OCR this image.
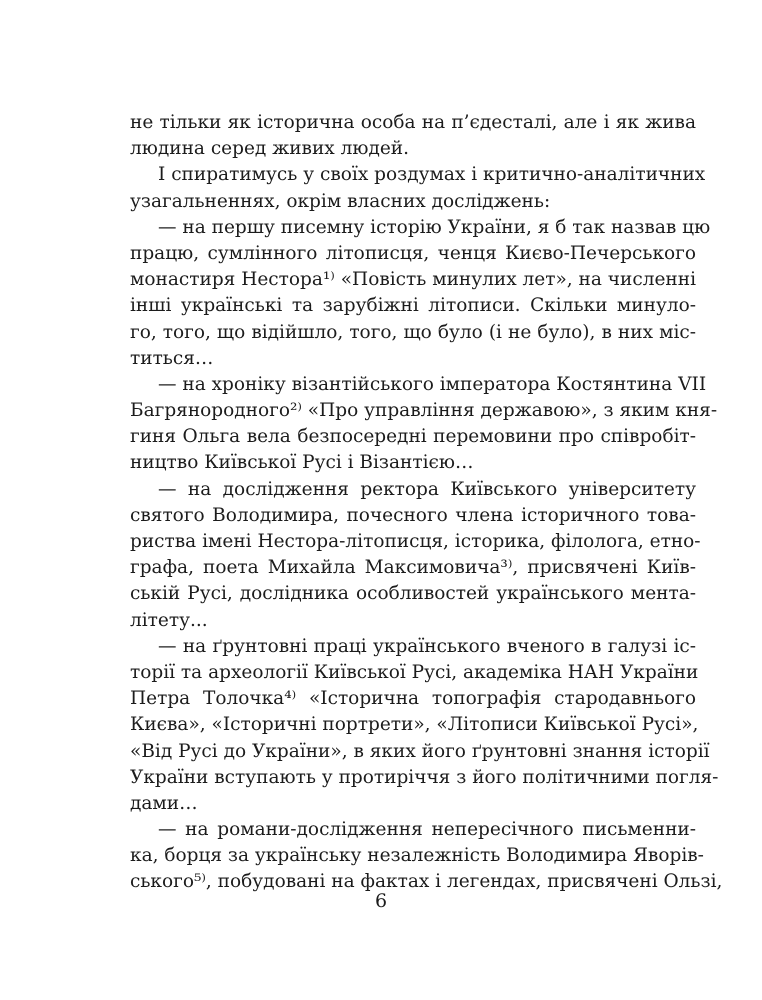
не тільки як історична особа на п’єдесталі, але і як жива
людина серед живих людей.
І спиратимусь у своїх роздумах і критично-аналітичних
узагальненнях, окрім власних досліджень:
— на першу писемну історію України, я б так назвав цю
працю, сумлінного літописця, ченця Києво-Печерського
монастиря Нестора¹⁾ «Повість минулих лет», на численні
інші українські та зарубіжні літописи. Скільки минуло-
го, того, що відійшло, того, що було (і не було), в них міс-
титься…
— на хроніку візантійського імператора Костянтина VII
Багрянородного²⁾ «Про управління державою», з яким кня-
гиня Ольга вела безпосередні перемовини про співробіт-
ництво Київської Русі і Візантією…
— на дослідження ректора Київського університету
святого Володимира, почесного члена історичного това-
риства імені Нестора-літописця, історика, філолога, етно-
графа, поета Михайла Максимовича³⁾, присвячені Київ-
ській Русі, дослідника особливостей українського мента-
літету...
— на ґрунтовні праці українського вченого в галузі іс-
торії та археології Київської Русі, академіка НАН України
Петра Толочка⁴⁾ «Історична топографія стародавнього
Києва», «Історичні портрети», «Літописи Київської Русі»,
«Від Русі до України», в яких його ґрунтовні знання історії
України вступають у протиріччя з його політичними погля-
дами…
— на романи-дослідження непересічного письменни-
ка, борця за українську незалежність Володимира Яворів-
ського⁵⁾, побудовані на фактах і легендах, присвячені Ользі,
6
